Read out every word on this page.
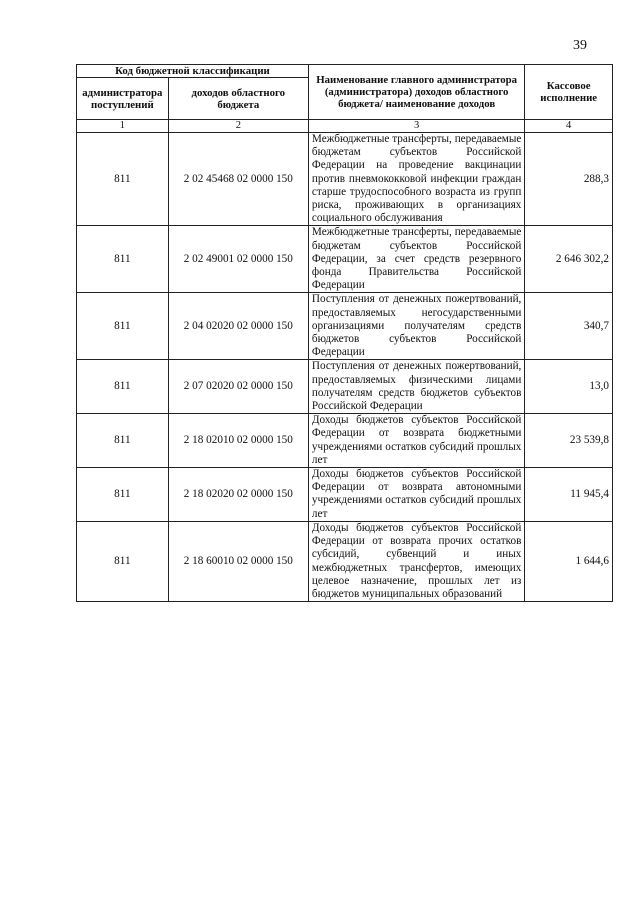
39
Код бюджетной классификации		Наименование главного администратора (администратора) доходов областного бюджета/ наименование доходов	Кассовое исполнение
администратора поступлений	доходов областного бюджета		
1	2	3	4
811	2 02 45468 02 0000 150	Межбюджетные трансферты, передаваемые бюджетам субъектов Российской Федерации на проведение вакцинации против пневмококковой инфекции граждан старше трудоспособного возраста из групп риска, проживающих в организациях социального обслуживания	288,3
811	2 02 49001 02 0000 150	Межбюджетные трансферты, передаваемые бюджетам субъектов Российской Федерации, за счет средств резервного фонда Правительства Российской Федерации	2 646 302,2
811	2 04 02020 02 0000 150	Поступления от денежных пожертвований, предоставляемых негосударственными организациями получателям средств бюджетов субъектов Российской Федерации	340,7
811	2 07 02020 02 0000 150	Поступления от денежных пожертвований, предоставляемых физическими лицами получателям средств бюджетов субъектов Российской Федерации	13,0
811	2 18 02010 02 0000 150	Доходы бюджетов субъектов Российской Федерации от возврата бюджетными учреждениями остатков субсидий прошлых лет	23 539,8
811	2 18 02020 02 0000 150	Доходы бюджетов субъектов Российской Федерации от возврата автономными учреждениями остатков субсидий прошлых лет	11 945,4
811	2 18 60010 02 0000 150	Доходы бюджетов субъектов Российской Федерации от возврата прочих остатков субсидий, субвенций и иных межбюджетных трансфертов, имеющих целевое назначение, прошлых лет из бюджетов муниципальных образований	1 644,6
